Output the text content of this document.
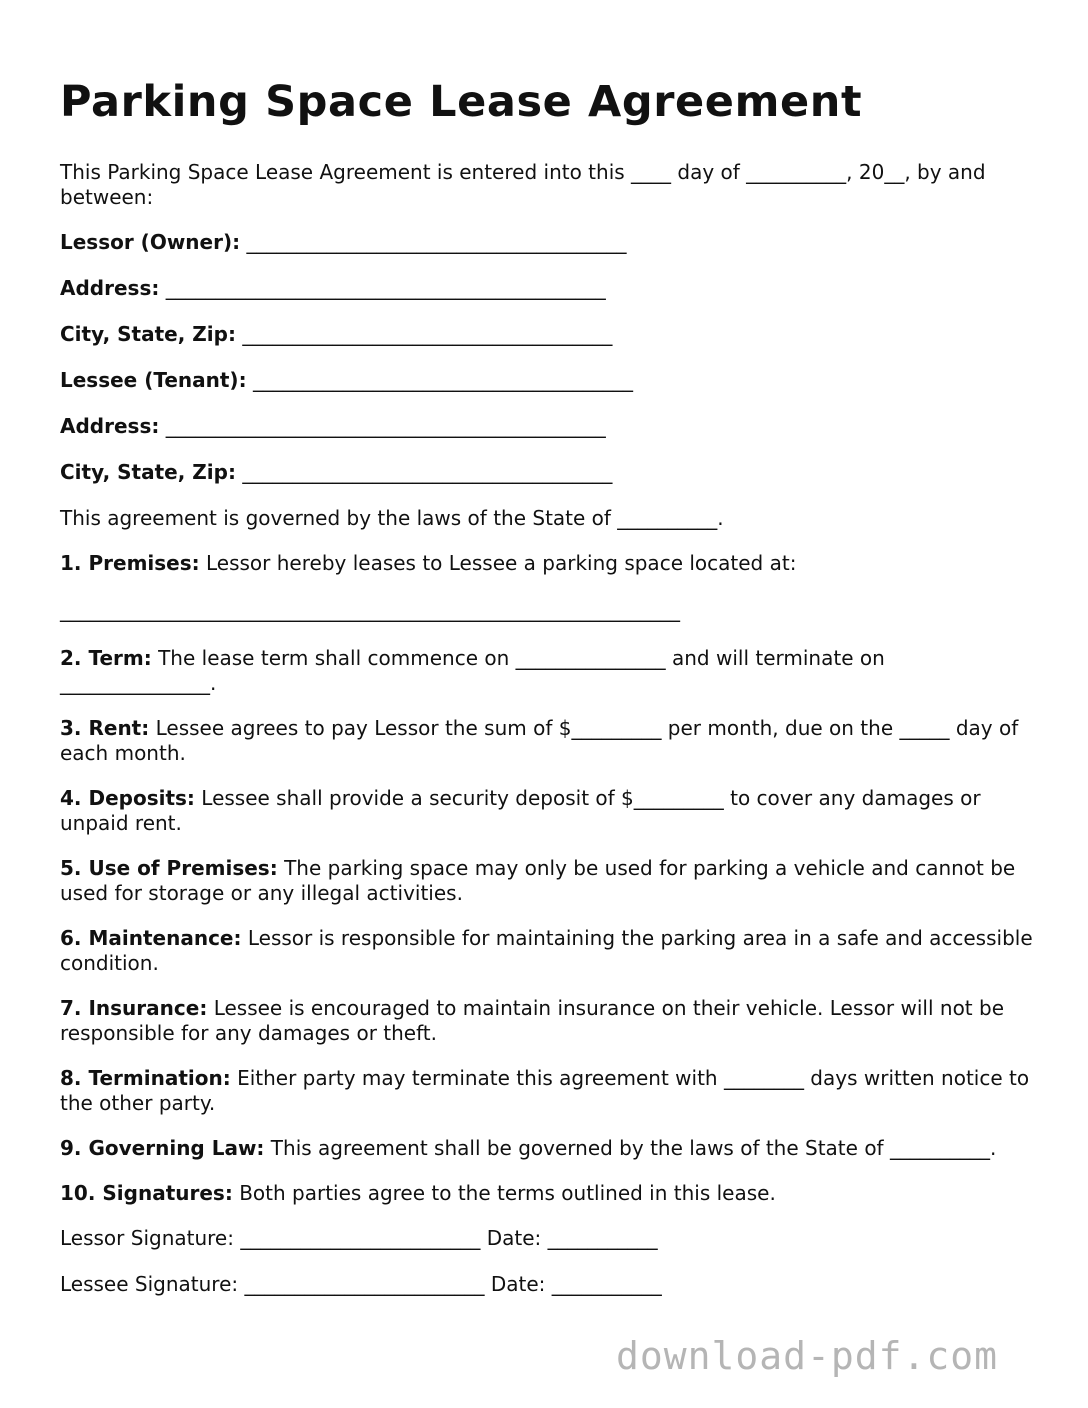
Parking Space Lease Agreement

This Parking Space Lease Agreement is entered into this ____ day of __________, 20__, by and between:

Lessor (Owner): ______________________________________

Address: ____________________________________________

City, State, Zip: _____________________________________

Lessee (Tenant): ______________________________________

Address: ____________________________________________

City, State, Zip: _____________________________________

This agreement is governed by the laws of the State of __________.

1. Premises: Lessor hereby leases to Lessee a parking space located at:

______________________________________________________________

2. Term: The lease term shall commence on _______________ and will terminate on _______________.

3. Rent: Lessee agrees to pay Lessor the sum of $_________ per month, due on the _____ day of each month.

4. Deposits: Lessee shall provide a security deposit of $_________ to cover any damages or unpaid rent.

5. Use of Premises: The parking space may only be used for parking a vehicle and cannot be used for storage or any illegal activities.

6. Maintenance: Lessor is responsible for maintaining the parking area in a safe and accessible condition.

7. Insurance: Lessee is encouraged to maintain insurance on their vehicle. Lessor will not be responsible for any damages or theft.

8. Termination: Either party may terminate this agreement with ________ days written notice to the other party.

9. Governing Law: This agreement shall be governed by the laws of the State of __________.

10. Signatures: Both parties agree to the terms outlined in this lease.

Lessor Signature: ________________________ Date: ___________

Lessee Signature: ________________________ Date: ___________

download-pdf.com
